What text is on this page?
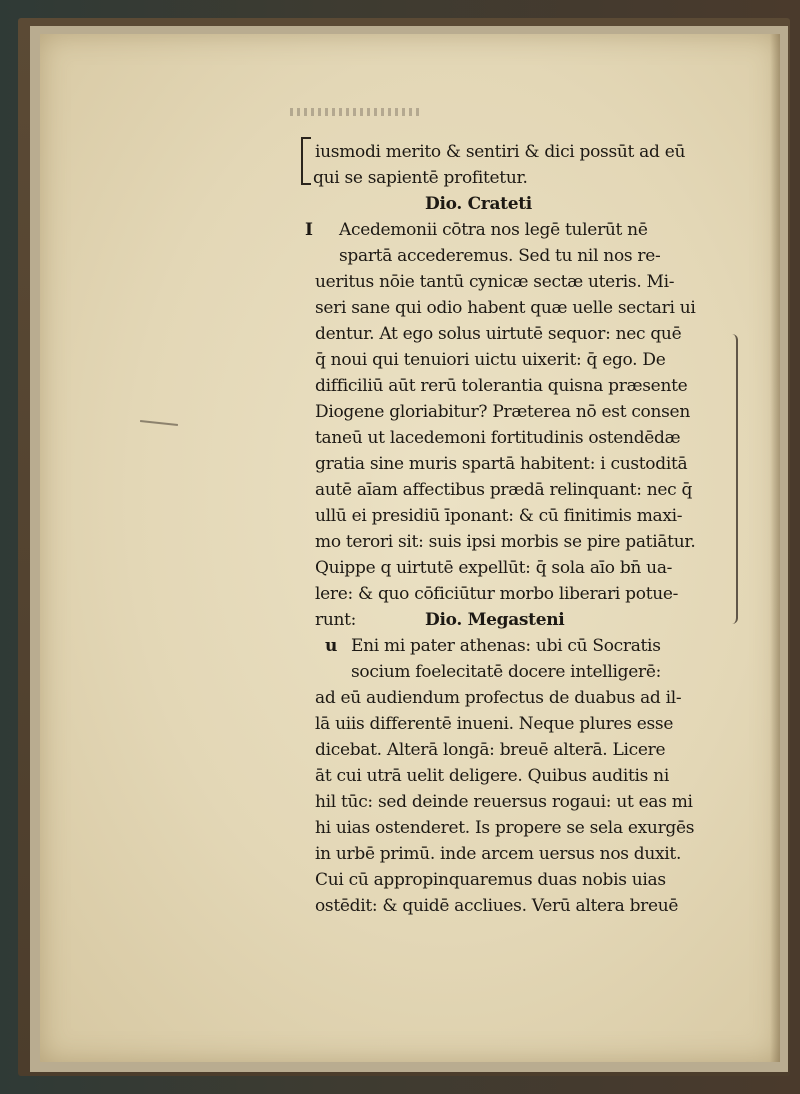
iusmodi merito & sentiri & dici possūt ad eū
qui se sapientē profitetur.
Dio. Crateti
I Acedemonii cōtra nos legē tulerūt nē
spartā accederemus. Sed tu nil nos re-
ueritus nōie tantū cynicæ sectæ uteris. Mi-
seri sane qui odio habent quæ uelle sectari ui
dentur. At ego solus uirtutē sequor: nec quē
q̄ noui qui tenuiori uictu uixerit: q̄ ego. De
difficiliū aūt rerū tolerantia quisna præsente
Diogene gloriabitur? Præterea nō est consen
taneū ut lacedemoni fortitudinis ostendēdæ
gratia sine muris spartā habitent: i custoditā
autē aīam affectibus prædā relinquant: nec q̄
ullū ei presidiū īponant: & cū finitimis maxi-
mo terori sit: suis ipsi morbis se pire patiātur.
Quippe q uirtutē expellūt: q̄ sola aīo bn̄ ua-
lere: & quo cōficiūtur morbo liberari potue-
runt:	Dio. Megasteni
u Eni mi pater athenas: ubi cū Socratis
socium foelecitatē docere intelligerē:
ad eū audiendum profectus de duabus ad il-
lā uiis differentē inueni. Neque plures esse
dicebat. Alterā longā: breuē alterā. Licere
āt cui utrā uelit deligere. Quibus auditis ni
hil tūc: sed deinde reuersus rogaui: ut eas mi
hi uias ostenderet. Is propere se sela exurgēs
in urbē primū. inde arcem uersus nos duxit.
Cui cū appropinquaremus duas nobis uias
ostēdit: & quidē accliues. Verū altera breuē
